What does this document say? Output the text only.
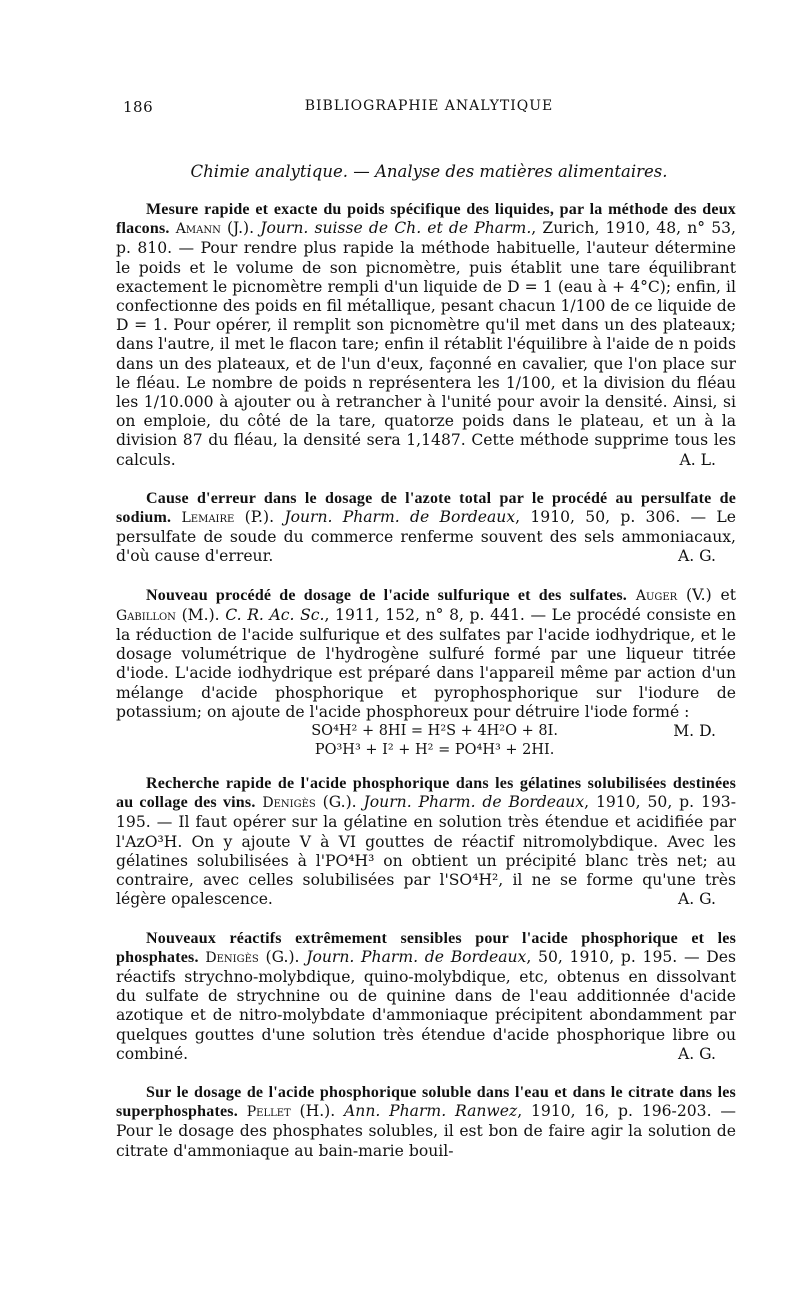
186	BIBLIOGRAPHIE ANALYTIQUE
Chimie analytique. — Analyse des matières alimentaires.

Mesure rapide et exacte du poids spécifique des liquides, par la méthode des deux flacons. Amann (J.). Journ. suisse de Ch. et de Pharm., Zurich, 1910, 48, n° 53, p. 810. — Pour rendre plus rapide la méthode habituelle, l'auteur détermine le poids et le volume de son picnomètre, puis établit une tare équilibrant exactement le picnomètre rempli d'un liquide de D = 1 (eau à + 4°C); enfin, il confectionne des poids en fil métallique, pesant chacun 1/100 de ce liquide de D = 1. Pour opérer, il remplit son picnomètre qu'il met dans un des plateaux; dans l'autre, il met le flacon tare; enfin il rétablit l'équilibre à l'aide de n poids dans un des plateaux, et de l'un d'eux, façonné en cavalier, que l'on place sur le fléau. Le nombre de poids n représentera les 1/100, et la division du fléau les 1/10.000 à ajouter ou à retrancher à l'unité pour avoir la densité. Ainsi, si on emploie, du côté de la tare, quatorze poids dans le plateau, et un à la division 87 du fléau, la densité sera 1,1487. Cette méthode supprime tous les calculs.	A. L.

Cause d'erreur dans le dosage de l'azote total par le procédé au persulfate de sodium. Lemaire (P.). Journ. Pharm. de Bordeaux, 1910, 50, p. 306. — Le persulfate de soude du commerce renferme souvent des sels ammoniacaux, d'où cause d'erreur.	A. G.

Nouveau procédé de dosage de l'acide sulfurique et des sulfates. Auger (V.) et Gabillon (M.). C. R. Ac. Sc., 1911, 152, n° 8, p. 441. — Le procédé consiste en la réduction de l'acide sulfurique et des sulfates par l'acide iodhydrique, et le dosage volumétrique de l'hydrogène sulfuré formé par une liqueur titrée d'iode. L'acide iodhydrique est préparé dans l'appareil même par action d'un mélange d'acide phosphorique et pyrophosphorique sur l'iodure de potassium; on ajoute de l'acide phosphoreux pour détruire l'iode formé :
M. D.

SO⁴H² + 8HI = H²S + 4H²O + 8I.

PO³H³ + I² + H² = PO⁴H³ + 2HI.

Recherche rapide de l'acide phosphorique dans les gélatines solubilisées destinées au collage des vins. Denigès (G.). Journ. Pharm. de Bordeaux, 1910, 50, p. 193-195. — Il faut opérer sur la gélatine en solution très étendue et acidifiée par l'AzO³H. On y ajoute V à VI gouttes de réactif nitromolybdique. Avec les gélatines solubilisées à l'PO⁴H³ on obtient un précipité blanc très net; au contraire, avec celles solubilisées par l'SO⁴H², il ne se forme qu'une très légère opalescence.	A. G.

Nouveaux réactifs extrêmement sensibles pour l'acide phosphorique et les phosphates. Denigès (G.). Journ. Pharm. de Bordeaux, 50, 1910, p. 195. — Des réactifs strychno-molybdique, quino-molybdique, etc, obtenus en dissolvant du sulfate de strychnine ou de quinine dans de l'eau additionnée d'acide azotique et de nitro-molybdate d'ammoniaque précipitent abondamment par quelques gouttes d'une solution très étendue d'acide phosphorique libre ou combiné.	A. G.

Sur le dosage de l'acide phosphorique soluble dans l'eau et dans le citrate dans les superphosphates. Pellet (H.). Ann. Pharm. Ranwez, 1910, 16, p. 196-203. — Pour le dosage des phosphates solubles, il est bon de faire agir la solution de citrate d'ammoniaque au bain-marie bouil-
